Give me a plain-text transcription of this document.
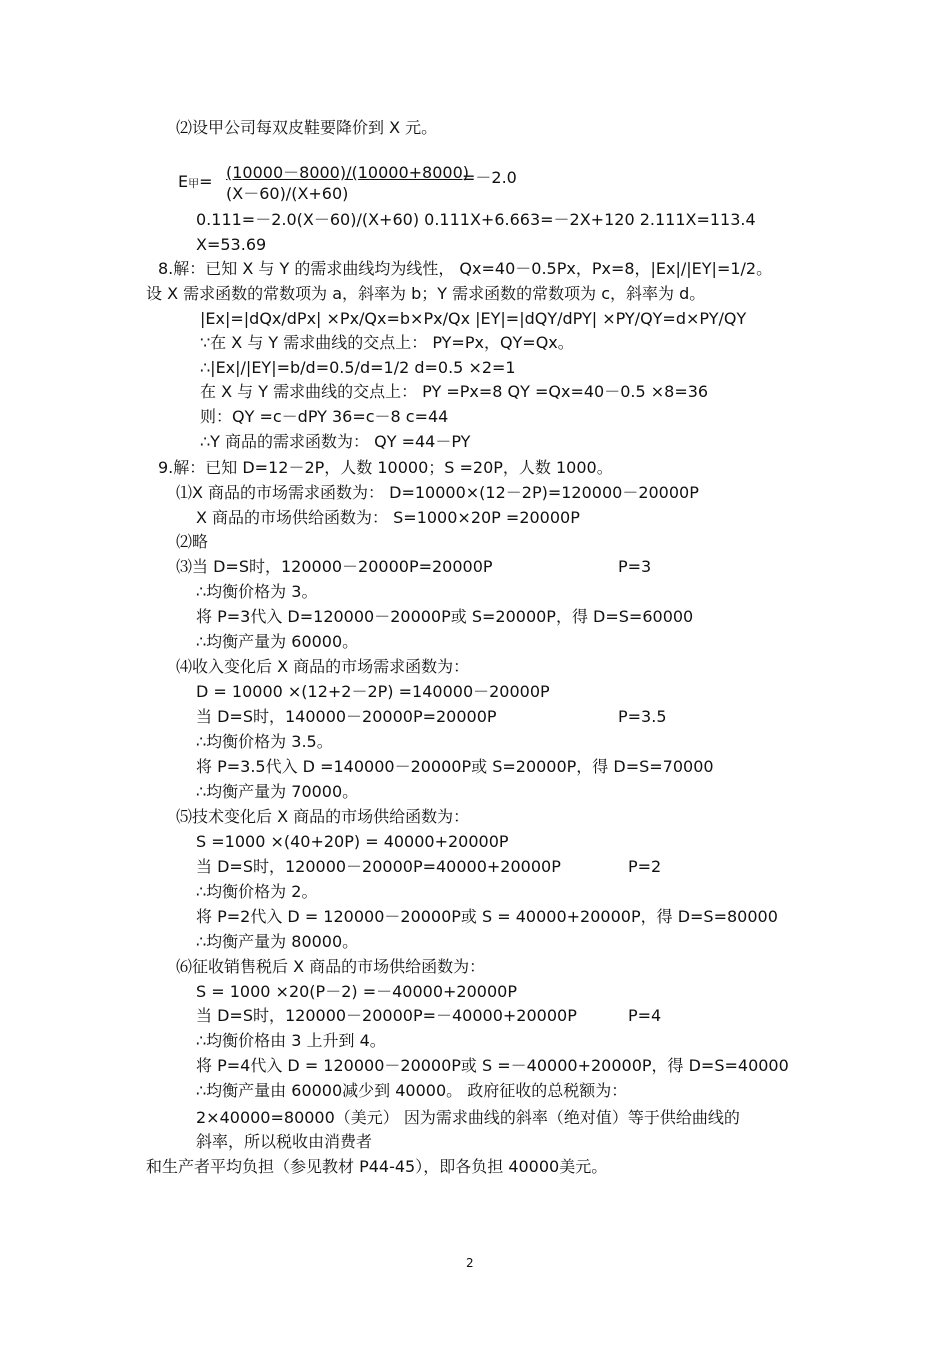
⑵设甲公司每双皮鞋要降价到 X 元。
E甲= (10000－8000)/(10000+8000)
=－2.0
(X－60)/(X+60)
0.111=－2.0(X－60)/(X+60) 0.111X+6.663=－2X+120 2.111X=113.4
X=53.69
8.解：已知 X 与 Y 的需求曲线均为线性， Qx=40－0.5Px，Px=8，|Ex|/|EY|=1/2。
设 X 需求函数的常数项为 a，斜率为 b；Y 需求函数的常数项为 c，斜率为 d。
|Ex|=|dQx/dPx| ×Px/Qx=b×Px/Qx |EY|=|dQY/dPY| ×PY/QY=d×PY/QY
∵在 X 与 Y 需求曲线的交点上： PY=Px，QY=Qx。
∴|Ex|/|EY|=b/d=0.5/d=1/2 d=0.5 ×2=1
在 X 与 Y 需求曲线的交点上： PY =Px=8 QY =Qx=40－0.5 ×8=36
则：QY =c－dPY 36=c－8 c=44
∴Y 商品的需求函数为： QY =44－PY
9.解：已知 D=12－2P，人数 10000；S =20P，人数 1000。
⑴X 商品的市场需求函数为： D=10000×(12－2P)=120000－20000P
X 商品的市场供给函数为： S=1000×20P =20000P
⑵略
⑶当 D=S时，120000－20000P=20000P	P=3
∴均衡价格为 3。
将 P=3代入 D=120000－20000P或 S=20000P，得 D=S=60000
∴均衡产量为 60000。
⑷收入变化后 X 商品的市场需求函数为：
D = 10000 ×(12+2－2P) =140000－20000P
当 D=S时，140000－20000P=20000P	P=3.5
∴均衡价格为 3.5。
将 P=3.5代入 D =140000－20000P或 S=20000P，得 D=S=70000
∴均衡产量为 70000。
⑸技术变化后 X 商品的市场供给函数为：
S =1000 ×(40+20P) = 40000+20000P
当 D=S时，120000－20000P=40000+20000P	P=2
∴均衡价格为 2。
将 P=2代入 D = 120000－20000P或 S = 40000+20000P，得 D=S=80000
∴均衡产量为 80000。
⑹征收销售税后 X 商品的市场供给函数为：
S = 1000 ×20(P－2) =－40000+20000P
当 D=S时，120000－20000P=－40000+20000P	P=4
∴均衡价格由 3 上升到 4。
将 P=4代入 D = 120000－20000P或 S =－40000+20000P，得 D=S=40000
∴均衡产量由 60000减少到 40000。 政府征收的总税额为：
2×40000=80000（美元） 因为需求曲线的斜率（绝对值）等于供给曲线的
斜率，所以税收由消费者
和生产者平均负担（参见教材 P44-45），即各负担 40000美元。
2
